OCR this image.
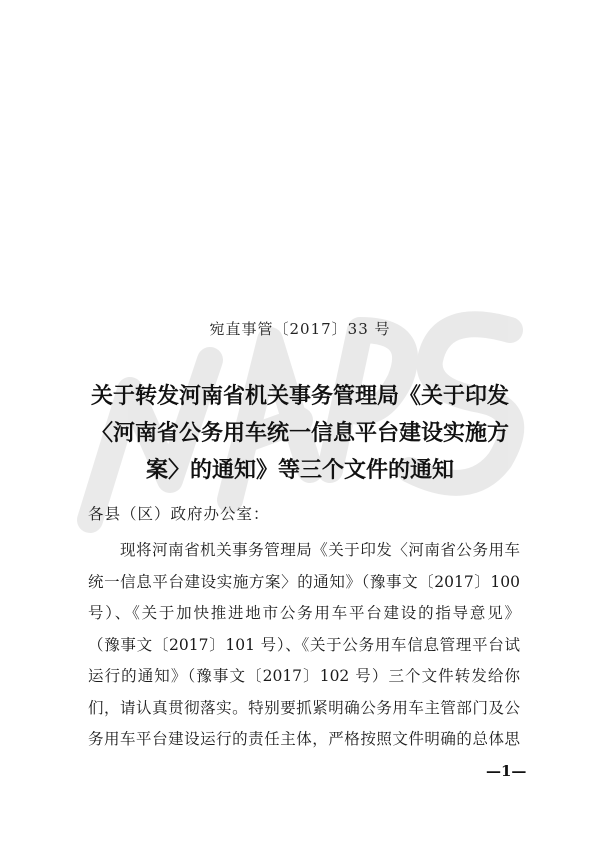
宛直事管〔2017〕33 号
关于转发河南省机关事务管理局《关于印发
〈河南省公务用车统一信息平台建设实施方
案〉的通知》等三个文件的通知
各县（区）政府办公室：
　　现将河南省机关事务管理局《关于印发〈河南省公务用车
统一信息平台建设实施方案〉的通知》（豫事文〔2017〕100
号）、《关于加快推进地市公务用车平台建设的指导意见》
（豫事文〔2017〕101 号）、《关于公务用车信息管理平台试
运行的通知》（豫事文〔2017〕102 号）三个文件转发给你
们，请认真贯彻落实。特别要抓紧明确公务用车主管部门及公
务用车平台建设运行的责任主体，严格按照文件明确的总体思
—1—
